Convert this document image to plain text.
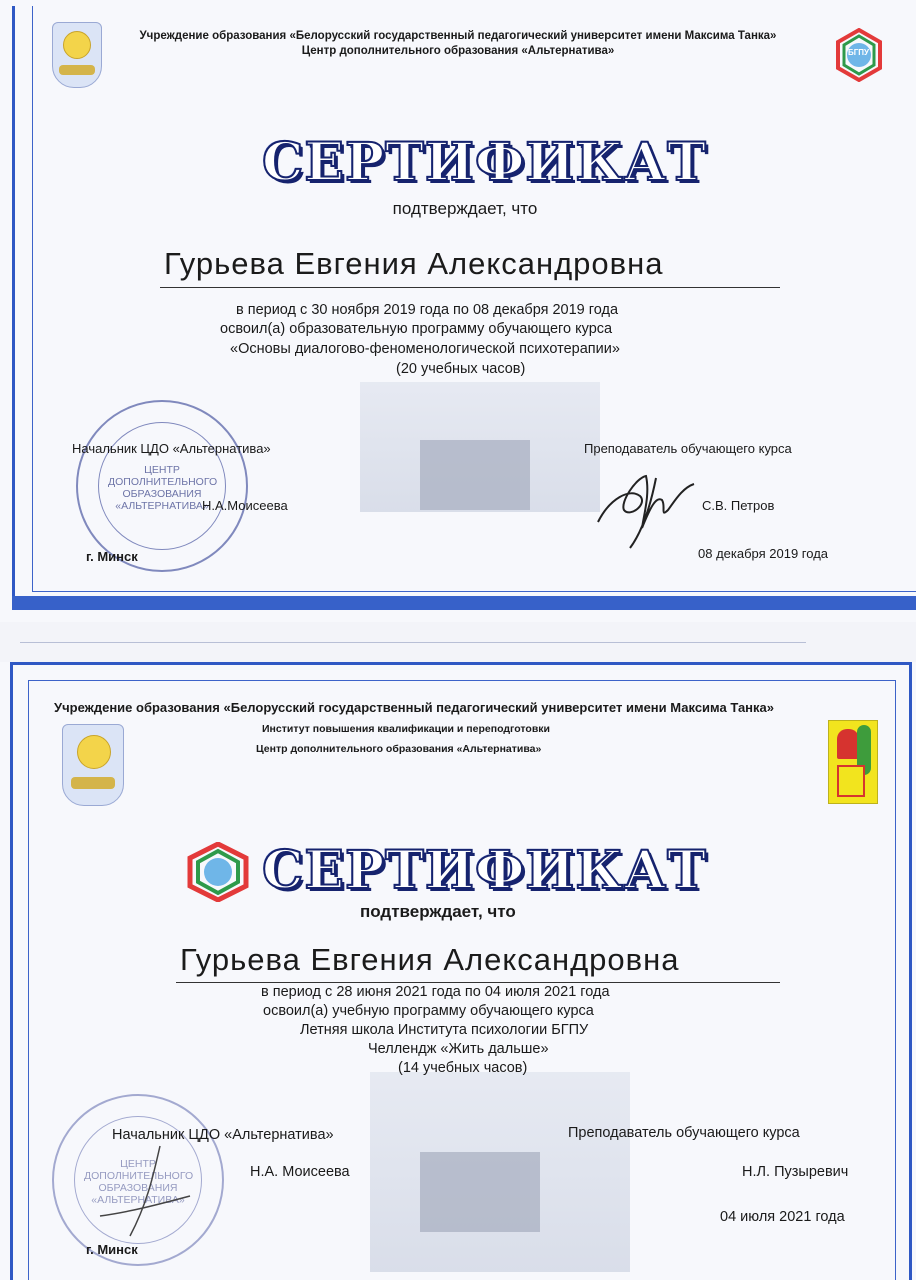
БГПУ
Учреждение образования «Белорусский государственный педагогический университет имени Максима Танка»
Центр дополнительного образования «Альтернатива»
СЕРТИФИКАТ
подтверждает, что
Гурьева Евгения Александровна
в период с 30 ноября 2019 года по 08 декабря 2019 года
освоил(а) образовательную программу обучающего курса
«Основы диалогово-феноменологической психотерапии»
(20 учебных часов)
ЦЕНТР ДОПОЛНИТЕЛЬНОГО ОБРАЗОВАНИЯ «АЛЬТЕРНАТИВА»
Начальник ЦДО «Альтернатива»
Н.А.Моисеева
г. Минск
Преподаватель обучающего курса
С.В. Петров
08 декабря 2019 года
Учреждение образования «Белорусский государственный педагогический университет имени Максима Танка»
Институт повышения квалификации и переподготовки
Центр дополнительного образования «Альтернатива»
СЕРТИФИКАТ
подтверждает, что
Гурьева Евгения Александровна
в период с 28 июня 2021 года по 04 июля 2021 года
освоил(а) учебную программу обучающего курса
Летняя школа Института психологии БГПУ
Челлендж «Жить дальше»
(14 учебных часов)
ЦЕНТР ДОПОЛНИТЕЛЬНОГО ОБРАЗОВАНИЯ «АЛЬТЕРНАТИВА»
Начальник ЦДО «Альтернатива»
Н.А. Моисеева
г. Минск
Преподаватель обучающего курса
Н.Л. Пузыревич
04 июля 2021 года
